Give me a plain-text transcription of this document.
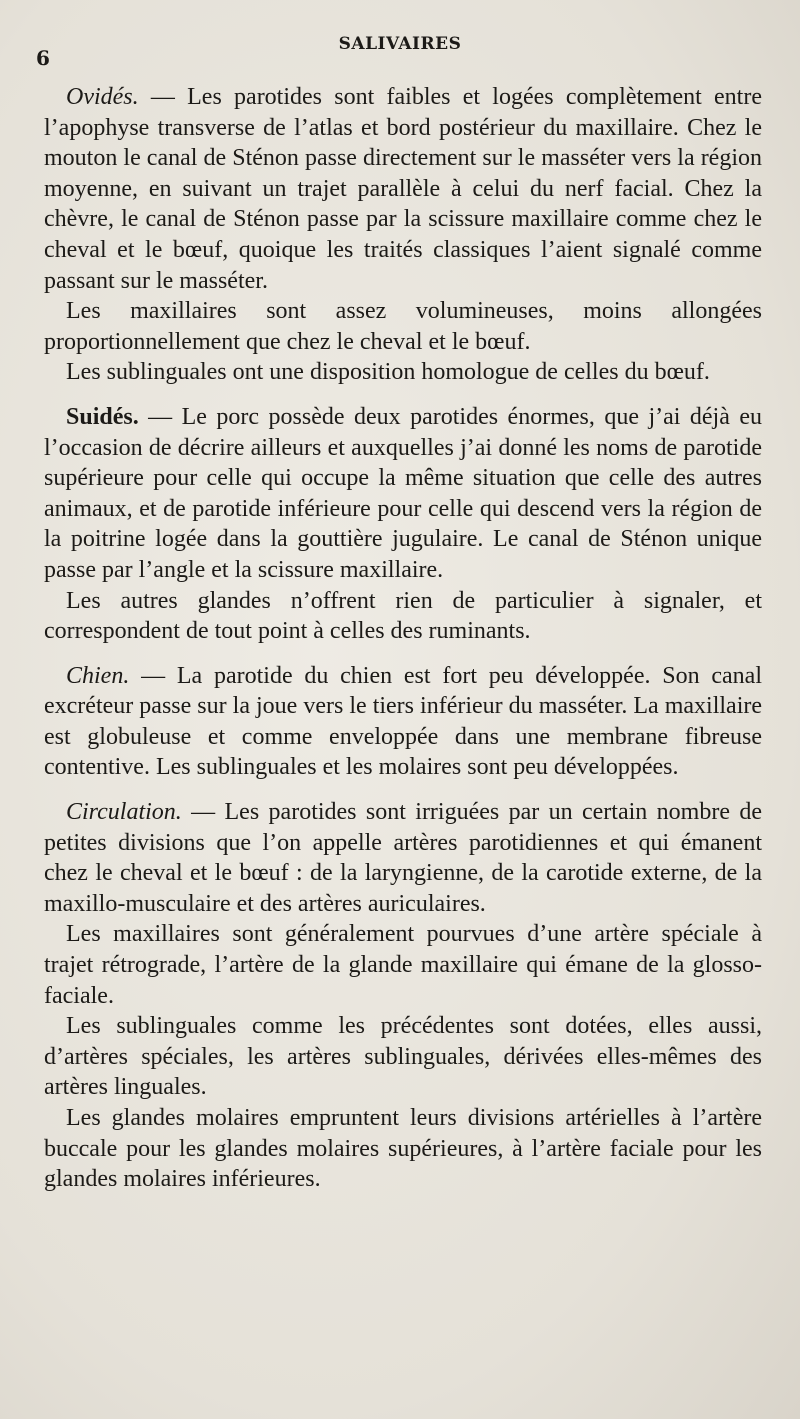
6
SALIVAIRES

Ovidés. — Les parotides sont faibles et logées complètement entre l’apophyse transverse de l’atlas et bord postérieur du maxillaire. Chez le mouton le canal de Sténon passe directement sur le masséter vers la région moyenne, en suivant un trajet parallèle à celui du nerf facial. Chez la chèvre, le canal de Sténon passe par la scissure maxillaire comme chez le cheval et le bœuf, quoique les traités classiques l’aient signalé comme passant sur le masséter.

Les maxillaires sont assez volumineuses, moins allongées proportionnellement que chez le cheval et le bœuf.

Les sublinguales ont une disposition homologue de celles du bœuf.

Suidés. — Le porc possède deux parotides énormes, que j’ai déjà eu l’occasion de décrire ailleurs et auxquelles j’ai donné les noms de parotide supérieure pour celle qui occupe la même situation que celle des autres animaux, et de parotide inférieure pour celle qui descend vers la région de la poitrine logée dans la gouttière jugulaire. Le canal de Sténon unique passe par l’angle et la scissure maxillaire.

Les autres glandes n’offrent rien de particulier à signaler, et correspondent de tout point à celles des ruminants.

Chien. — La parotide du chien est fort peu développée. Son canal excréteur passe sur la joue vers le tiers inférieur du masséter. La maxillaire est globuleuse et comme enveloppée dans une membrane fibreuse contentive. Les sublinguales et les molaires sont peu développées.

Circulation. — Les parotides sont irriguées par un certain nombre de petites divisions que l’on appelle artères parotidiennes et qui émanent chez le cheval et le bœuf : de la laryngienne, de la carotide externe, de la maxillo-musculaire et des artères auriculaires.

Les maxillaires sont généralement pourvues d’une artère spéciale à trajet rétrograde, l’artère de la glande maxillaire qui émane de la glosso-faciale.

Les sublinguales comme les précédentes sont dotées, elles aussi, d’artères spéciales, les artères sublinguales, dérivées elles-mêmes des artères linguales.

Les glandes molaires empruntent leurs divisions artérielles à l’artère buccale pour les glandes molaires supérieures, à l’artère faciale pour les glandes molaires inférieures.
